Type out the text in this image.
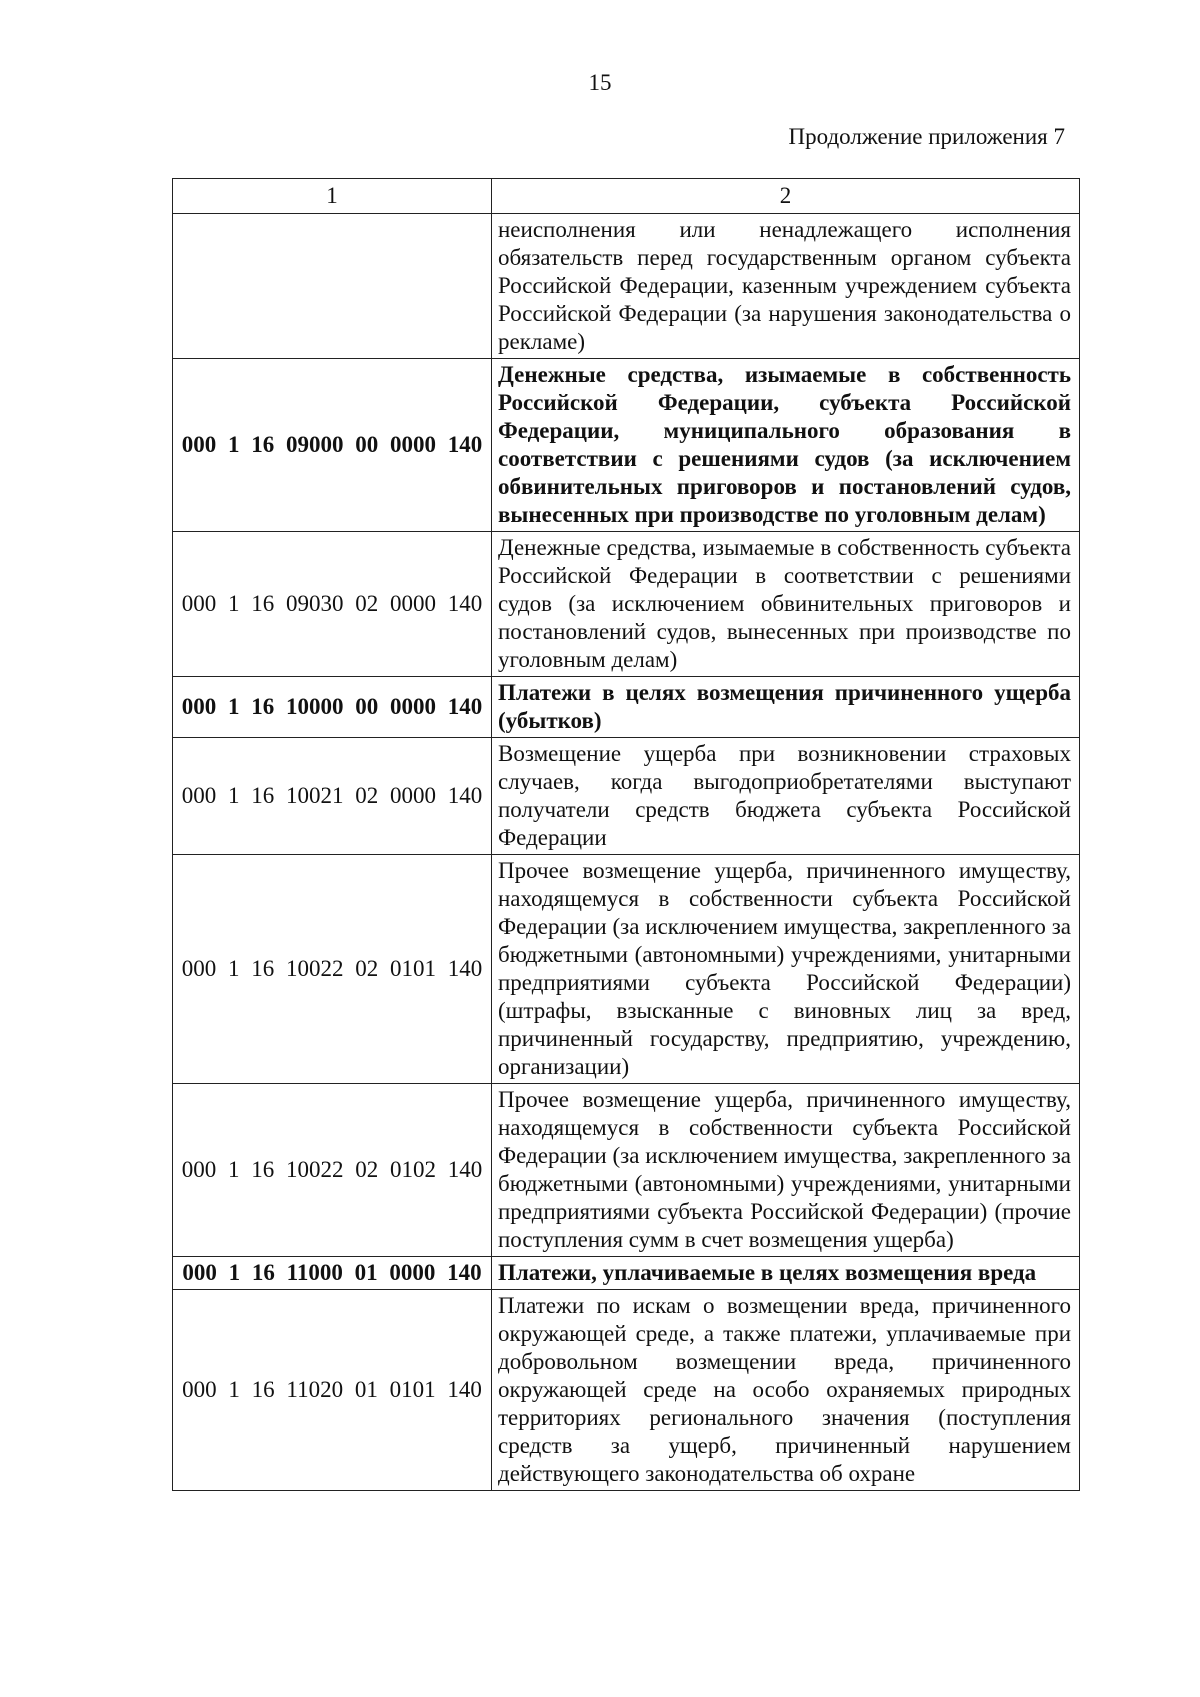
15
Продолжение приложения 7
1	2
	неисполнения или ненадлежащего исполнения обязательств перед государственным органом субъекта Российской Федерации, казенным учреждением субъекта Российской Федерации (за нарушения законодательства о рекламе)
000 1 16 09000 00 0000 140	Денежные средства, изымаемые в собственность Российской Федерации, субъекта Российской Федерации, муниципального образования в соответствии с решениями судов (за исключением обвинительных приговоров и постановлений судов, вынесенных при производстве по уголовным делам)
000 1 16 09030 02 0000 140	Денежные средства, изымаемые в собственность субъекта Российской Федерации в соответствии с решениями судов (за исключением обвинительных приговоров и постановлений судов, вынесенных при производстве по уголовным делам)
000 1 16 10000 00 0000 140	Платежи в целях возмещения причиненного ущерба (убытков)
000 1 16 10021 02 0000 140	Возмещение ущерба при возникновении страховых случаев, когда выгодоприобретателями выступают получатели средств бюджета субъекта Российской Федерации
000 1 16 10022 02 0101 140	Прочее возмещение ущерба, причиненного имуществу, находящемуся в собственности субъекта Российской Федерации (за исключением имущества, закрепленного за бюджетными (автономными) учреждениями, унитарными предприятиями субъекта Российской Федерации) (штрафы, взысканные с виновных лиц за вред, причиненный государству, предприятию, учреждению, организации)
000 1 16 10022 02 0102 140	Прочее возмещение ущерба, причиненного имуществу, находящемуся в собственности субъекта Российской Федерации (за исключением имущества, закрепленного за бюджетными (автономными) учреждениями, унитарными предприятиями субъекта Российской Федерации) (прочие поступления сумм в счет возмещения ущерба)
000 1 16 11000 01 0000 140	Платежи, уплачиваемые в целях возмещения вреда
000 1 16 11020 01 0101 140	Платежи по искам о возмещении вреда, причиненного окружающей среде, а также платежи, уплачиваемые при добровольном возмещении вреда, причиненного окружающей среде на особо охраняемых природных территориях регионального значения (поступления средств за ущерб, причиненный нарушением действующего законодательства об охране
